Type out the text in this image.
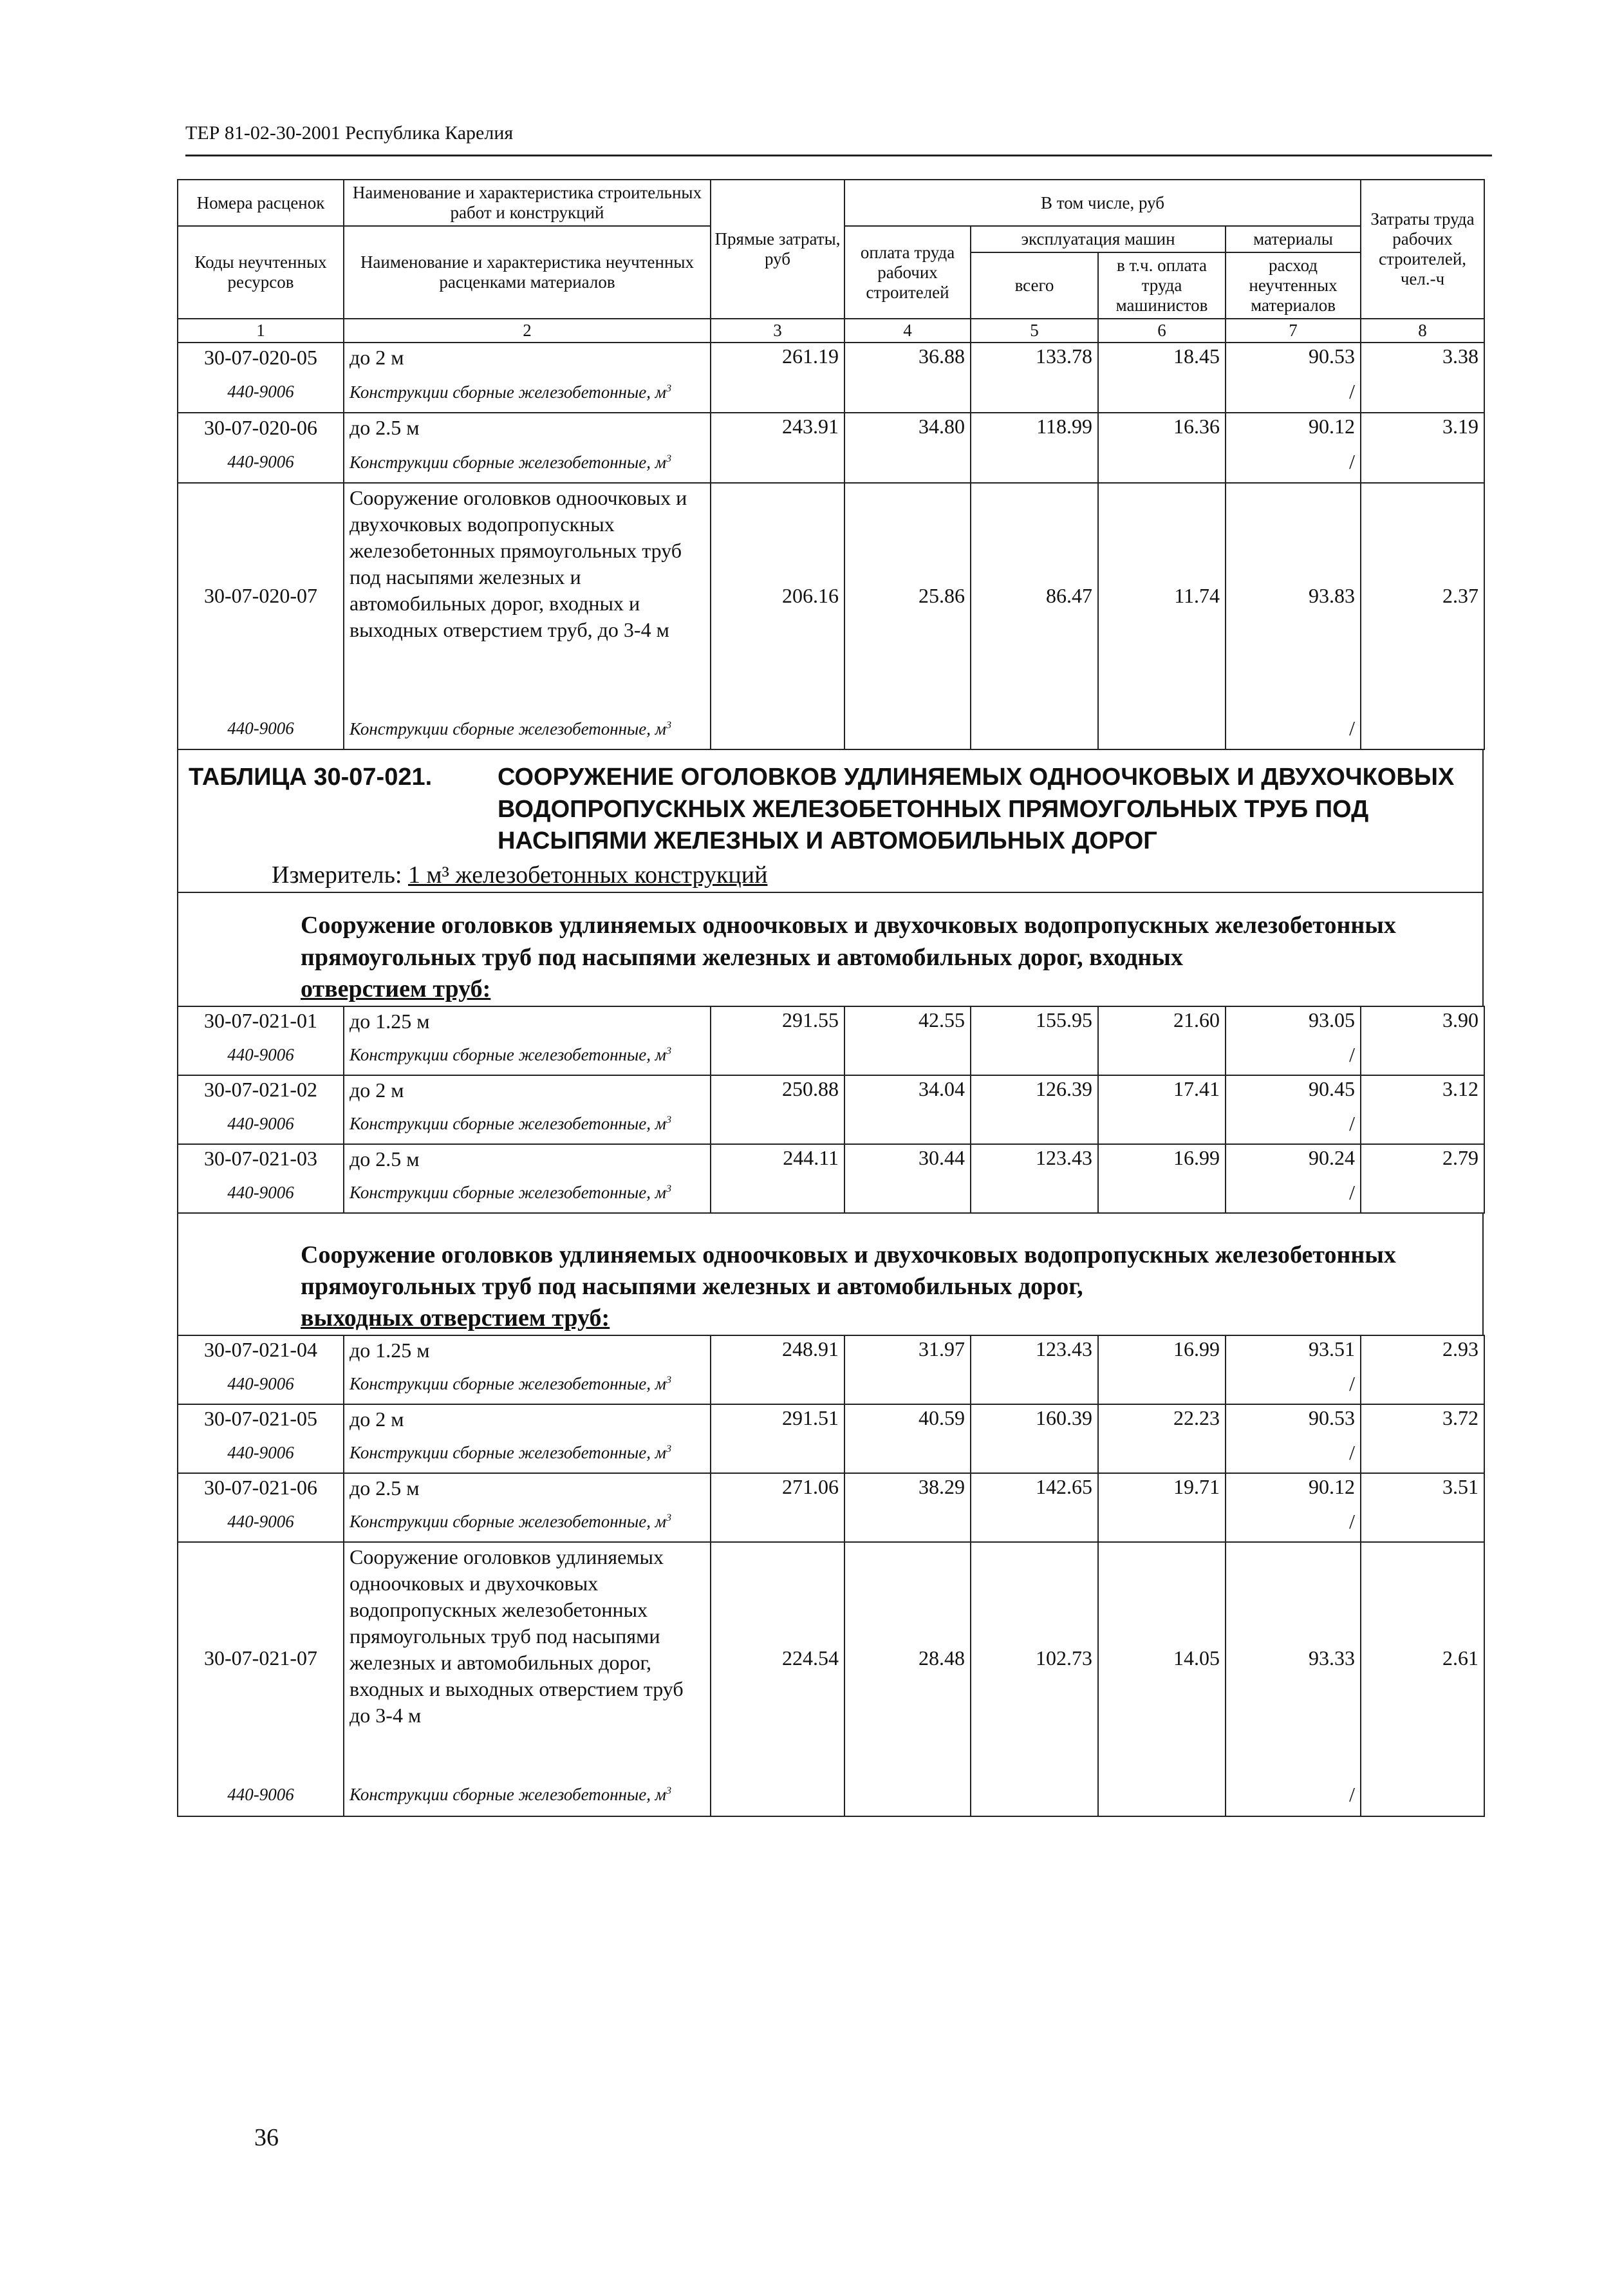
ТЕР 81-02-30-2001 Республика Карелия
Номера расценок	Наименование и характеристика строительных работ и конструкций	Прямые затраты, руб	В том числе, руб				Затраты труда рабочих строителей, чел.-ч
Коды неучтенных ресурсов	Наименование и характеристика неучтенных расценками материалов		оплата труда рабочих строителей	эксплуатация машин		материалы	
				всего	в т.ч. оплата труда машинистов	расход неучтенных материалов	

1	2	3	4	5	6	7	8
30-07-020-05	до 2 м	261.19	36.88	133.78	18.45	90.53	3.38
440-9006	Конструкции сборные железобетонные, $м^3$					/	
30-07-020-06	до 2.5 м	243.91	34.80	118.99	16.36	90.12	3.19
440-9006	Конструкции сборные железобетонные, $м^3$					/	
30-07-020-07	Сооружение оголовков одноочковых и двухочковых водопропускных железобетонных прямоугольных труб под насыпями железных и автомобильных дорог, входных и выходных отверстием труб, до 3-4 м	206.16	25.86	86.47	11.74	93.83	2.37
440-9006	Конструкции сборные железобетонные, $м^3$					/	
ТАБЛИЦА 30-07-021.	СООРУЖЕНИЕ ОГОЛОВКОВ УДЛИНЯЕМЫХ ОДНООЧКОВЫХ И ДВУХОЧКОВЫХ ВОДОПРОПУСКНЫХ ЖЕЛЕЗОБЕТОННЫХ ПРЯМОУГОЛЬНЫХ ТРУБ ПОД НАСЫПЯМИ ЖЕЛЕЗНЫХ И АВТОМОБИЛЬНЫХ ДОРОГ
Измеритель: 1 м³ железобетонных конструкций
Сооружение оголовков удлиняемых одноочковых и двухочковых водопропускных железобетонных прямоугольных труб под насыпями железных и автомобильных дорог, входных
отверстием труб:
30-07-021-01	до 1.25 м	291.55	42.55	155.95	21.60	93.05	3.90
440-9006	Конструкции сборные железобетонные, $м^3$					/	
30-07-021-02	до 2 м	250.88	34.04	126.39	17.41	90.45	3.12
440-9006	Конструкции сборные железобетонные, $м^3$					/	
30-07-021-03	до 2.5 м	244.11	30.44	123.43	16.99	90.24	2.79
440-9006	Конструкции сборные железобетонные, $м^3$					/	
Сооружение оголовков удлиняемых одноочковых и двухочковых водопропускных железобетонных прямоугольных труб под насыпями железных и автомобильных дорог,
выходных отверстием труб:
30-07-021-04	до 1.25 м	248.91	31.97	123.43	16.99	93.51	2.93
440-9006	Конструкции сборные железобетонные, $м^3$					/	
30-07-021-05	до 2 м	291.51	40.59	160.39	22.23	90.53	3.72
440-9006	Конструкции сборные железобетонные, $м^3$					/	
30-07-021-06	до 2.5 м	271.06	38.29	142.65	19.71	90.12	3.51
440-9006	Конструкции сборные железобетонные, $м^3$					/	
30-07-021-07	Сооружение оголовков удлиняемых одноочковых и двухочковых водопропускных железобетонных прямоугольных труб под насыпями железных и автомобильных дорог, входных и выходных отверстием труб до 3-4 м	224.54	28.48	102.73	14.05	93.33	2.61
440-9006	Конструкции сборные железобетонные, $м^3$					/	
36
